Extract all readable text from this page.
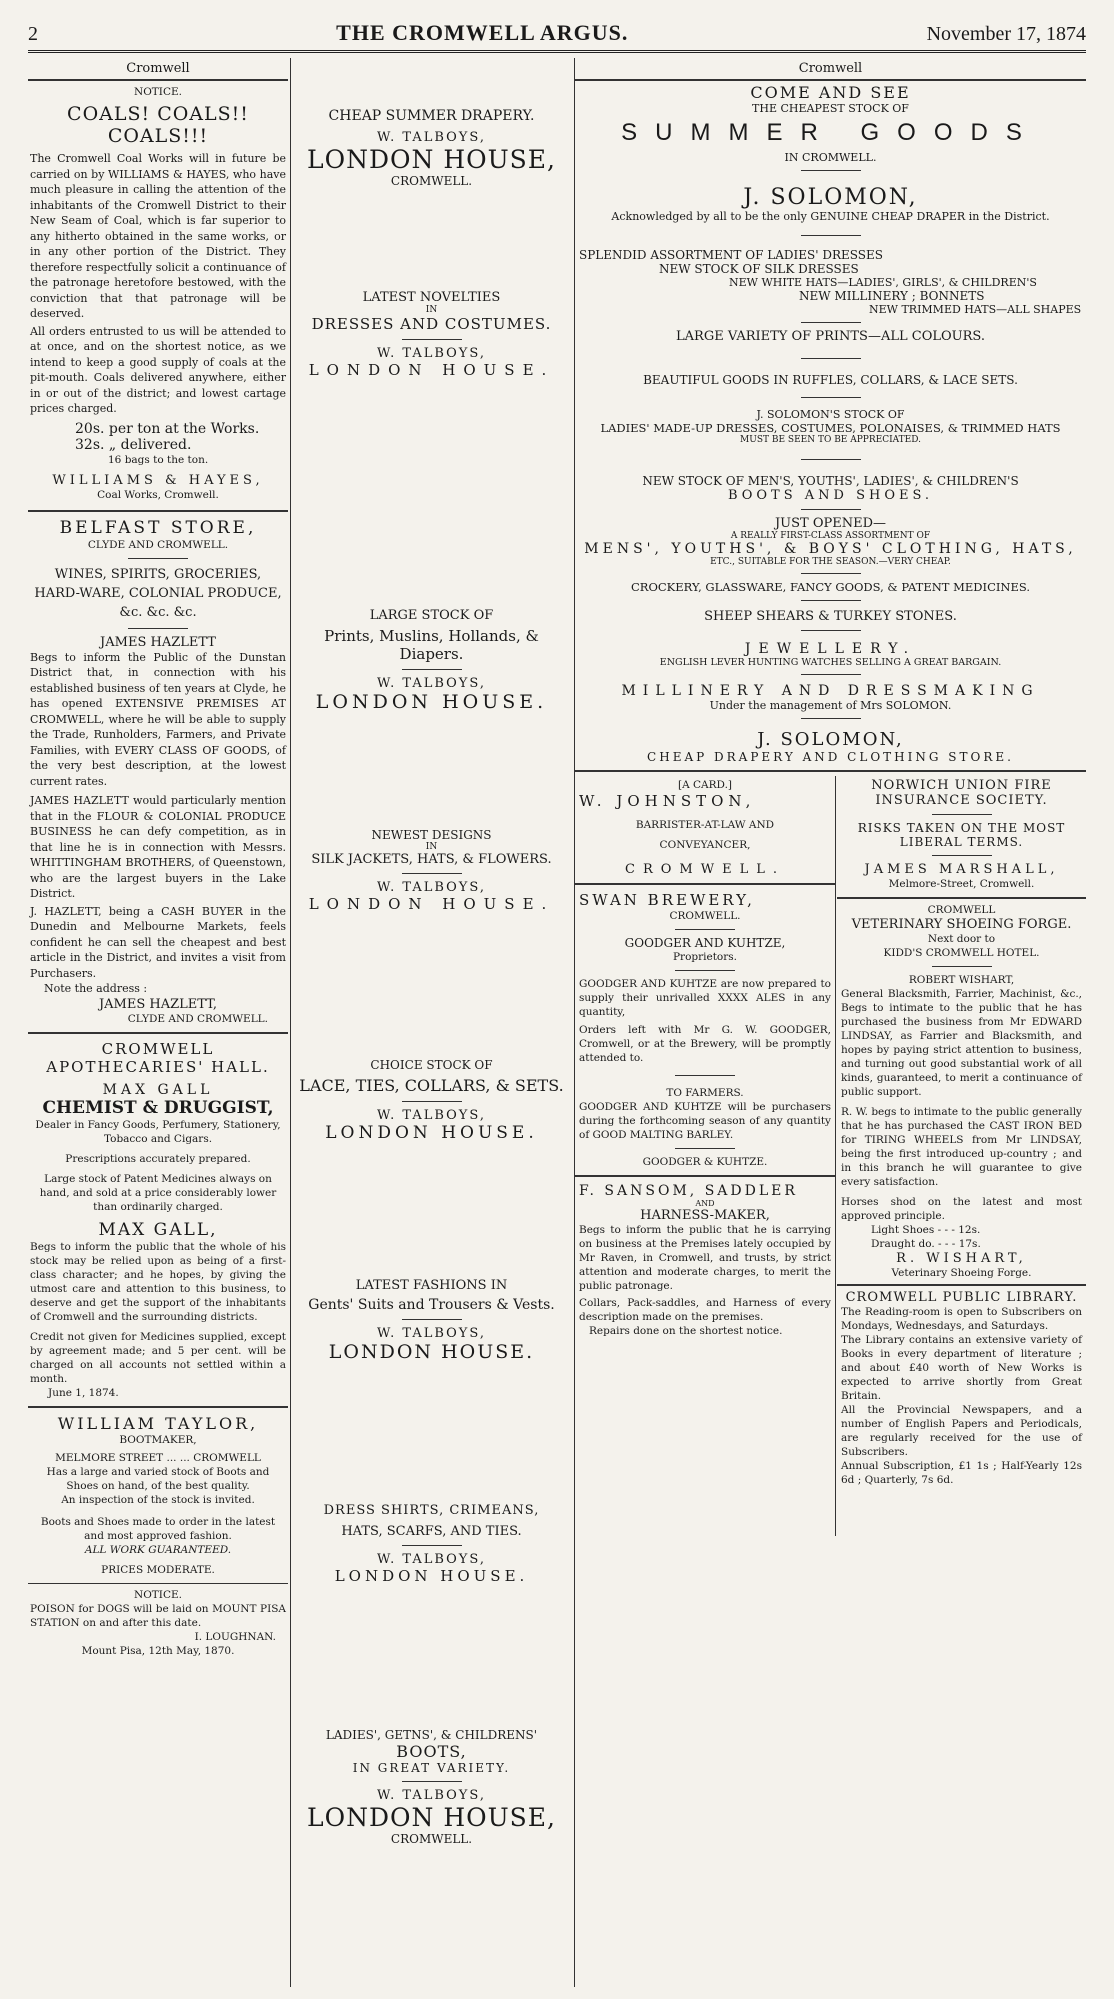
2	THE CROMWELL ARGUS.	November 17, 1874
Cromwell
NOTICE.
COALS! COALS!! COALS!!!
The Cromwell Coal Works will in future be carried on by WILLIAMS & HAYES, who have much pleasure in calling the attention of the inhabitants of the Cromwell District to their New Seam of Coal, which is far superior to any hitherto obtained in the same works, or in any other portion of the District. They therefore respectfully solicit a continuance of the patronage heretofore bestowed, with the conviction that that patronage will be deserved.
All orders entrusted to us will be attended to at once, and on the shortest notice, as we intend to keep a good supply of coals at the pit-mouth. Coals delivered anywhere, either in or out of the district; and lowest cartage prices charged.
20s. per ton at the Works.
32s. „ delivered.
16 bags to the ton.
WILLIAMS & HAYES,
Coal Works, Cromwell.
BELFAST STORE,
CLYDE AND CROMWELL.
WINES, SPIRITS, GROCERIES, HARD-WARE, COLONIAL PRODUCE, &c. &c. &c.
JAMES HAZLETT
Begs to inform the Public of the Dunstan District that, in connection with his established business of ten years at Clyde, he has opened EXTENSIVE PREMISES AT CROMWELL, where he will be able to supply the Trade, Runholders, Farmers, and Private Families, with EVERY CLASS OF GOODS, of the very best description, at the lowest current rates.
JAMES HAZLETT would particularly mention that in the FLOUR & COLONIAL PRODUCE BUSINESS he can defy competition, as in that line he is in connection with Messrs. WHITTINGHAM BROTHERS, of Queenstown, who are the largest buyers in the Lake District.
J. HAZLETT, being a CASH BUYER in the Dunedin and Melbourne Markets, feels confident he can sell the cheapest and best article in the District, and invites a visit from Purchasers.
Note the address :
JAMES HAZLETT,
CLYDE AND CROMWELL.
CROMWELL APOTHECARIES' HALL.
MAX GALL
CHEMIST & DRUGGIST,
Dealer in Fancy Goods, Perfumery, Stationery, Tobacco and Cigars.
Prescriptions accurately prepared.
Large stock of Patent Medicines always on hand, and sold at a price considerably lower than ordinarily charged.
MAX GALL,
Begs to inform the public that the whole of his stock may be relied upon as being of a first-class character; and he hopes, by giving the utmost care and attention to this business, to deserve and get the support of the inhabitants of Cromwell and the surrounding districts.
Credit not given for Medicines supplied, except by agreement made; and 5 per cent. will be charged on all accounts not settled within a month.
June 1, 1874.
WILLIAM TAYLOR,
BOOTMAKER,
MELMORE STREET ... ... CROMWELL
Has a large and varied stock of Boots and Shoes on hand, of the best quality.
An inspection of the stock is invited.
Boots and Shoes made to order in the latest and most approved fashion.
ALL WORK GUARANTEED.
PRICES MODERATE.
NOTICE.
POISON for DOGS will be laid on MOUNT PISA STATION on and after this date.
I. LOUGHNAN.
Mount Pisa, 12th May, 1870.
CHEAP SUMMER DRAPERY.
W. TALBOYS,
LONDON HOUSE,
CROMWELL.
LATEST NOVELTIES
IN
DRESSES AND COSTUMES.
W. TALBOYS,
LONDON HOUSE.
LARGE STOCK OF
Prints, Muslins, Hollands, & Diapers.
W. TALBOYS,
LONDON HOUSE.
NEWEST DESIGNS
IN
SILK JACKETS, HATS, & FLOWERS.
W. TALBOYS,
LONDON HOUSE.
CHOICE STOCK OF
LACE, TIES, COLLARS, & SETS.
W. TALBOYS,
LONDON HOUSE.
LATEST FASHIONS IN
Gents' Suits and Trousers & Vests.
W. TALBOYS,
LONDON HOUSE.
DRESS SHIRTS, CRIMEANS,
HATS, SCARFS, AND TIES.
W. TALBOYS,
LONDON HOUSE.
LADIES', GETNS', & CHILDRENS'
BOOTS,
IN GREAT VARIETY.
W. TALBOYS,
LONDON HOUSE,
CROMWELL.
Cromwell
COME AND SEE
THE CHEAPEST STOCK OF
SUMMER GOODS
IN CROMWELL.
J. SOLOMON,
Acknowledged by all to be the only GENUINE CHEAP DRAPER in the District.
SPLENDID ASSORTMENT OF LADIES' DRESSES
NEW STOCK OF SILK DRESSES
NEW WHITE HATS—LADIES', GIRLS', & CHILDREN'S
NEW MILLINERY ; BONNETS
NEW TRIMMED HATS—ALL SHAPES
LARGE VARIETY OF PRINTS—ALL COLOURS.
BEAUTIFUL GOODS IN RUFFLES, COLLARS, & LACE SETS.
J. SOLOMON'S STOCK OF
LADIES' MADE-UP DRESSES, COSTUMES, POLONAISES, & TRIMMED HATS
MUST BE SEEN TO BE APPRECIATED.
NEW STOCK OF MEN'S, YOUTHS', LADIES', & CHILDREN'S
BOOTS AND SHOES.
JUST OPENED—
A REALLY FIRST-CLASS ASSORTMENT OF
MENS', YOUTHS', & BOYS' CLOTHING, HATS,
ETC., SUITABLE FOR THE SEASON.—VERY CHEAP.
CROCKERY, GLASSWARE, FANCY GOODS, & PATENT MEDICINES.
SHEEP SHEARS & TURKEY STONES.
JEWELLERY.
ENGLISH LEVER HUNTING WATCHES SELLING A GREAT BARGAIN.
MILLINERY AND DRESSMAKING
Under the management of Mrs SOLOMON.
J. SOLOMON,
CHEAP DRAPERY AND CLOTHING STORE.
[A CARD.]
W. JOHNSTON,
BARRISTER-AT-LAW AND
CONVEYANCER,
CROMWELL.
SWAN BREWERY,
CROMWELL.
GOODGER AND KUHTZE,
Proprietors.
GOODGER AND KUHTZE are now prepared to supply their unrivalled XXXX ALES in any quantity,
Orders left with Mr G. W. GOODGER, Cromwell, or at the Brewery, will be promptly attended to.
TO FARMERS.
GOODGER AND KUHTZE will be purchasers during the forthcoming season of any quantity of GOOD MALTING BARLEY.
GOODGER & KUHTZE.
F. SANSOM, SADDLER
AND
HARNESS-MAKER,
Begs to inform the public that he is carrying on business at the Premises lately occupied by Mr Raven, in Cromwell, and trusts, by strict attention and moderate charges, to merit the public patronage.
Collars, Pack-saddles, and Harness of every description made on the premises.
Repairs done on the shortest notice.
NORWICH UNION FIRE INSURANCE SOCIETY.
RISKS TAKEN ON THE MOST LIBERAL TERMS.
JAMES MARSHALL,
Melmore-Street, Cromwell.
CROMWELL
VETERINARY SHOEING FORGE.
Next door to
KIDD'S CROMWELL HOTEL.
ROBERT WISHART,
General Blacksmith, Farrier, Machinist, &c., Begs to intimate to the public that he has purchased the business from Mr EDWARD LINDSAY, as Farrier and Blacksmith, and hopes by paying strict attention to business, and turning out good substantial work of all kinds, guaranteed, to merit a continuance of public support.
R. W. begs to intimate to the public generally that he has purchased the CAST IRON BED for TIRING WHEELS from Mr LINDSAY, being the first introduced up-country ; and in this branch he will guarantee to give every satisfaction.
Horses shod on the latest and most approved principle.
Light Shoes - - - 12s.
Draught do. - - - 17s.
R. WISHART,
Veterinary Shoeing Forge.
CROMWELL PUBLIC LIBRARY.
The Reading-room is open to Subscribers on Mondays, Wednesdays, and Saturdays.
The Library contains an extensive variety of Books in every department of literature ; and about £40 worth of New Works is expected to arrive shortly from Great Britain.
All the Provincial Newspapers, and a number of English Papers and Periodicals, are regularly received for the use of Subscribers.
Annual Subscription, £1 1s ; Half-Yearly 12s 6d ; Quarterly, 7s 6d.
